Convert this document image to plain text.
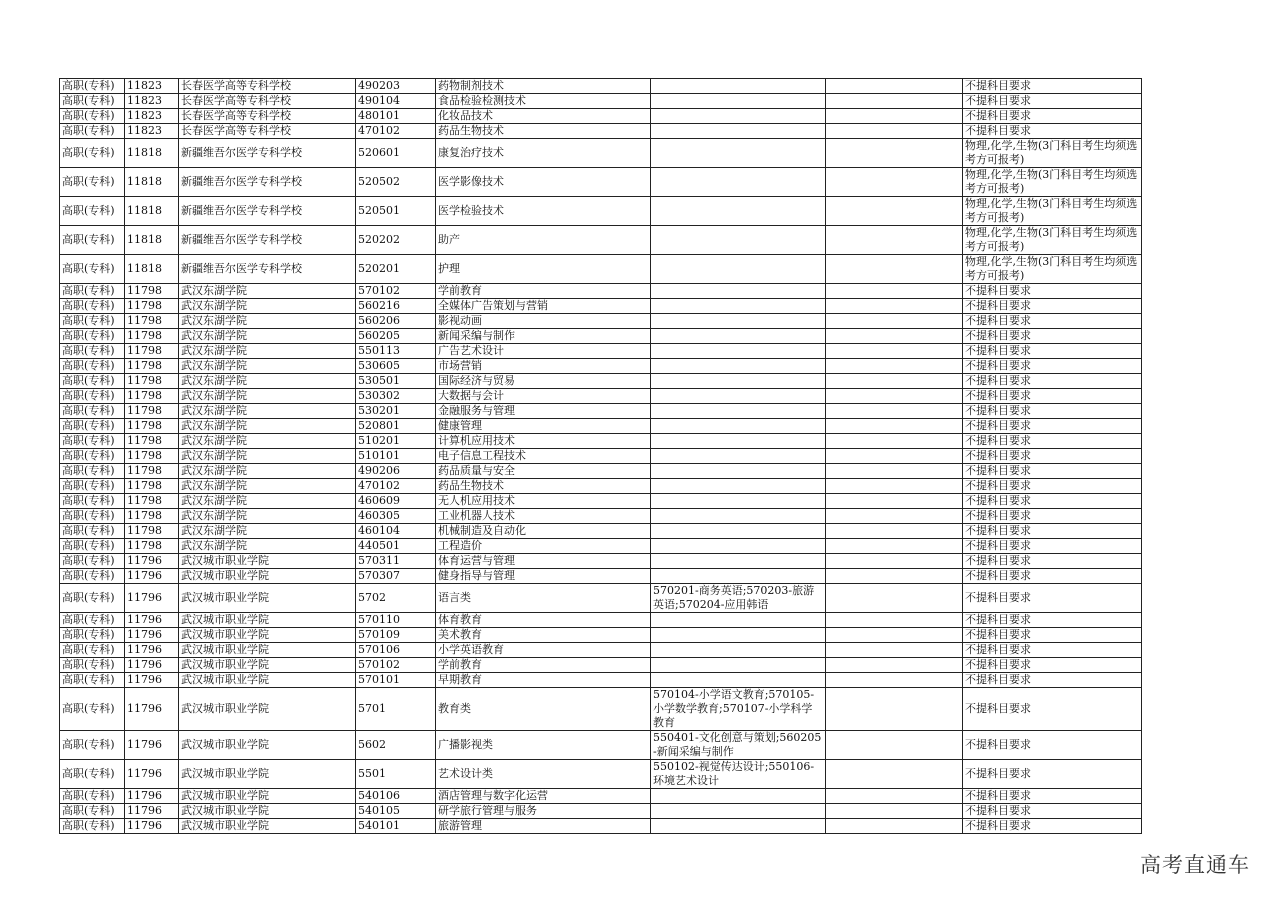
高职(专科)	11823	长春医学高等专科学校	490203	药物制剂技术			不提科目要求
高职(专科)	11823	长春医学高等专科学校	490104	食品检验检测技术			不提科目要求
高职(专科)	11823	长春医学高等专科学校	480101	化妆品技术			不提科目要求
高职(专科)	11823	长春医学高等专科学校	470102	药品生物技术			不提科目要求
高职(专科)	11818	新疆维吾尔医学专科学校	520601	康复治疗技术			物理,化学,生物(3门科目考生均须选考方可报考)
高职(专科)	11818	新疆维吾尔医学专科学校	520502	医学影像技术			物理,化学,生物(3门科目考生均须选考方可报考)
高职(专科)	11818	新疆维吾尔医学专科学校	520501	医学检验技术			物理,化学,生物(3门科目考生均须选考方可报考)
高职(专科)	11818	新疆维吾尔医学专科学校	520202	助产			物理,化学,生物(3门科目考生均须选考方可报考)
高职(专科)	11818	新疆维吾尔医学专科学校	520201	护理			物理,化学,生物(3门科目考生均须选考方可报考)
高职(专科)	11798	武汉东湖学院	570102	学前教育			不提科目要求
高职(专科)	11798	武汉东湖学院	560216	全媒体广告策划与营销			不提科目要求
高职(专科)	11798	武汉东湖学院	560206	影视动画			不提科目要求
高职(专科)	11798	武汉东湖学院	560205	新闻采编与制作			不提科目要求
高职(专科)	11798	武汉东湖学院	550113	广告艺术设计			不提科目要求
高职(专科)	11798	武汉东湖学院	530605	市场营销			不提科目要求
高职(专科)	11798	武汉东湖学院	530501	国际经济与贸易			不提科目要求
高职(专科)	11798	武汉东湖学院	530302	大数据与会计			不提科目要求
高职(专科)	11798	武汉东湖学院	530201	金融服务与管理			不提科目要求
高职(专科)	11798	武汉东湖学院	520801	健康管理			不提科目要求
高职(专科)	11798	武汉东湖学院	510201	计算机应用技术			不提科目要求
高职(专科)	11798	武汉东湖学院	510101	电子信息工程技术			不提科目要求
高职(专科)	11798	武汉东湖学院	490206	药品质量与安全			不提科目要求
高职(专科)	11798	武汉东湖学院	470102	药品生物技术			不提科目要求
高职(专科)	11798	武汉东湖学院	460609	无人机应用技术			不提科目要求
高职(专科)	11798	武汉东湖学院	460305	工业机器人技术			不提科目要求
高职(专科)	11798	武汉东湖学院	460104	机械制造及自动化			不提科目要求
高职(专科)	11798	武汉东湖学院	440501	工程造价			不提科目要求
高职(专科)	11796	武汉城市职业学院	570311	体育运营与管理			不提科目要求
高职(专科)	11796	武汉城市职业学院	570307	健身指导与管理			不提科目要求
高职(专科)	11796	武汉城市职业学院	5702	语言类	570201-商务英语;570203-旅游英语;570204-应用韩语		不提科目要求
高职(专科)	11796	武汉城市职业学院	570110	体育教育			不提科目要求
高职(专科)	11796	武汉城市职业学院	570109	美术教育			不提科目要求
高职(专科)	11796	武汉城市职业学院	570106	小学英语教育			不提科目要求
高职(专科)	11796	武汉城市职业学院	570102	学前教育			不提科目要求
高职(专科)	11796	武汉城市职业学院	570101	早期教育			不提科目要求
高职(专科)	11796	武汉城市职业学院	5701	教育类	570104-小学语文教育;570105-小学数学教育;570107-小学科学教育		不提科目要求
高职(专科)	11796	武汉城市职业学院	5602	广播影视类	550401-文化创意与策划;560205-新闻采编与制作		不提科目要求
高职(专科)	11796	武汉城市职业学院	5501	艺术设计类	550102-视觉传达设计;550106-环境艺术设计		不提科目要求
高职(专科)	11796	武汉城市职业学院	540106	酒店管理与数字化运营			不提科目要求
高职(专科)	11796	武汉城市职业学院	540105	研学旅行管理与服务			不提科目要求
高职(专科)	11796	武汉城市职业学院	540101	旅游管理			不提科目要求
高考直通车
